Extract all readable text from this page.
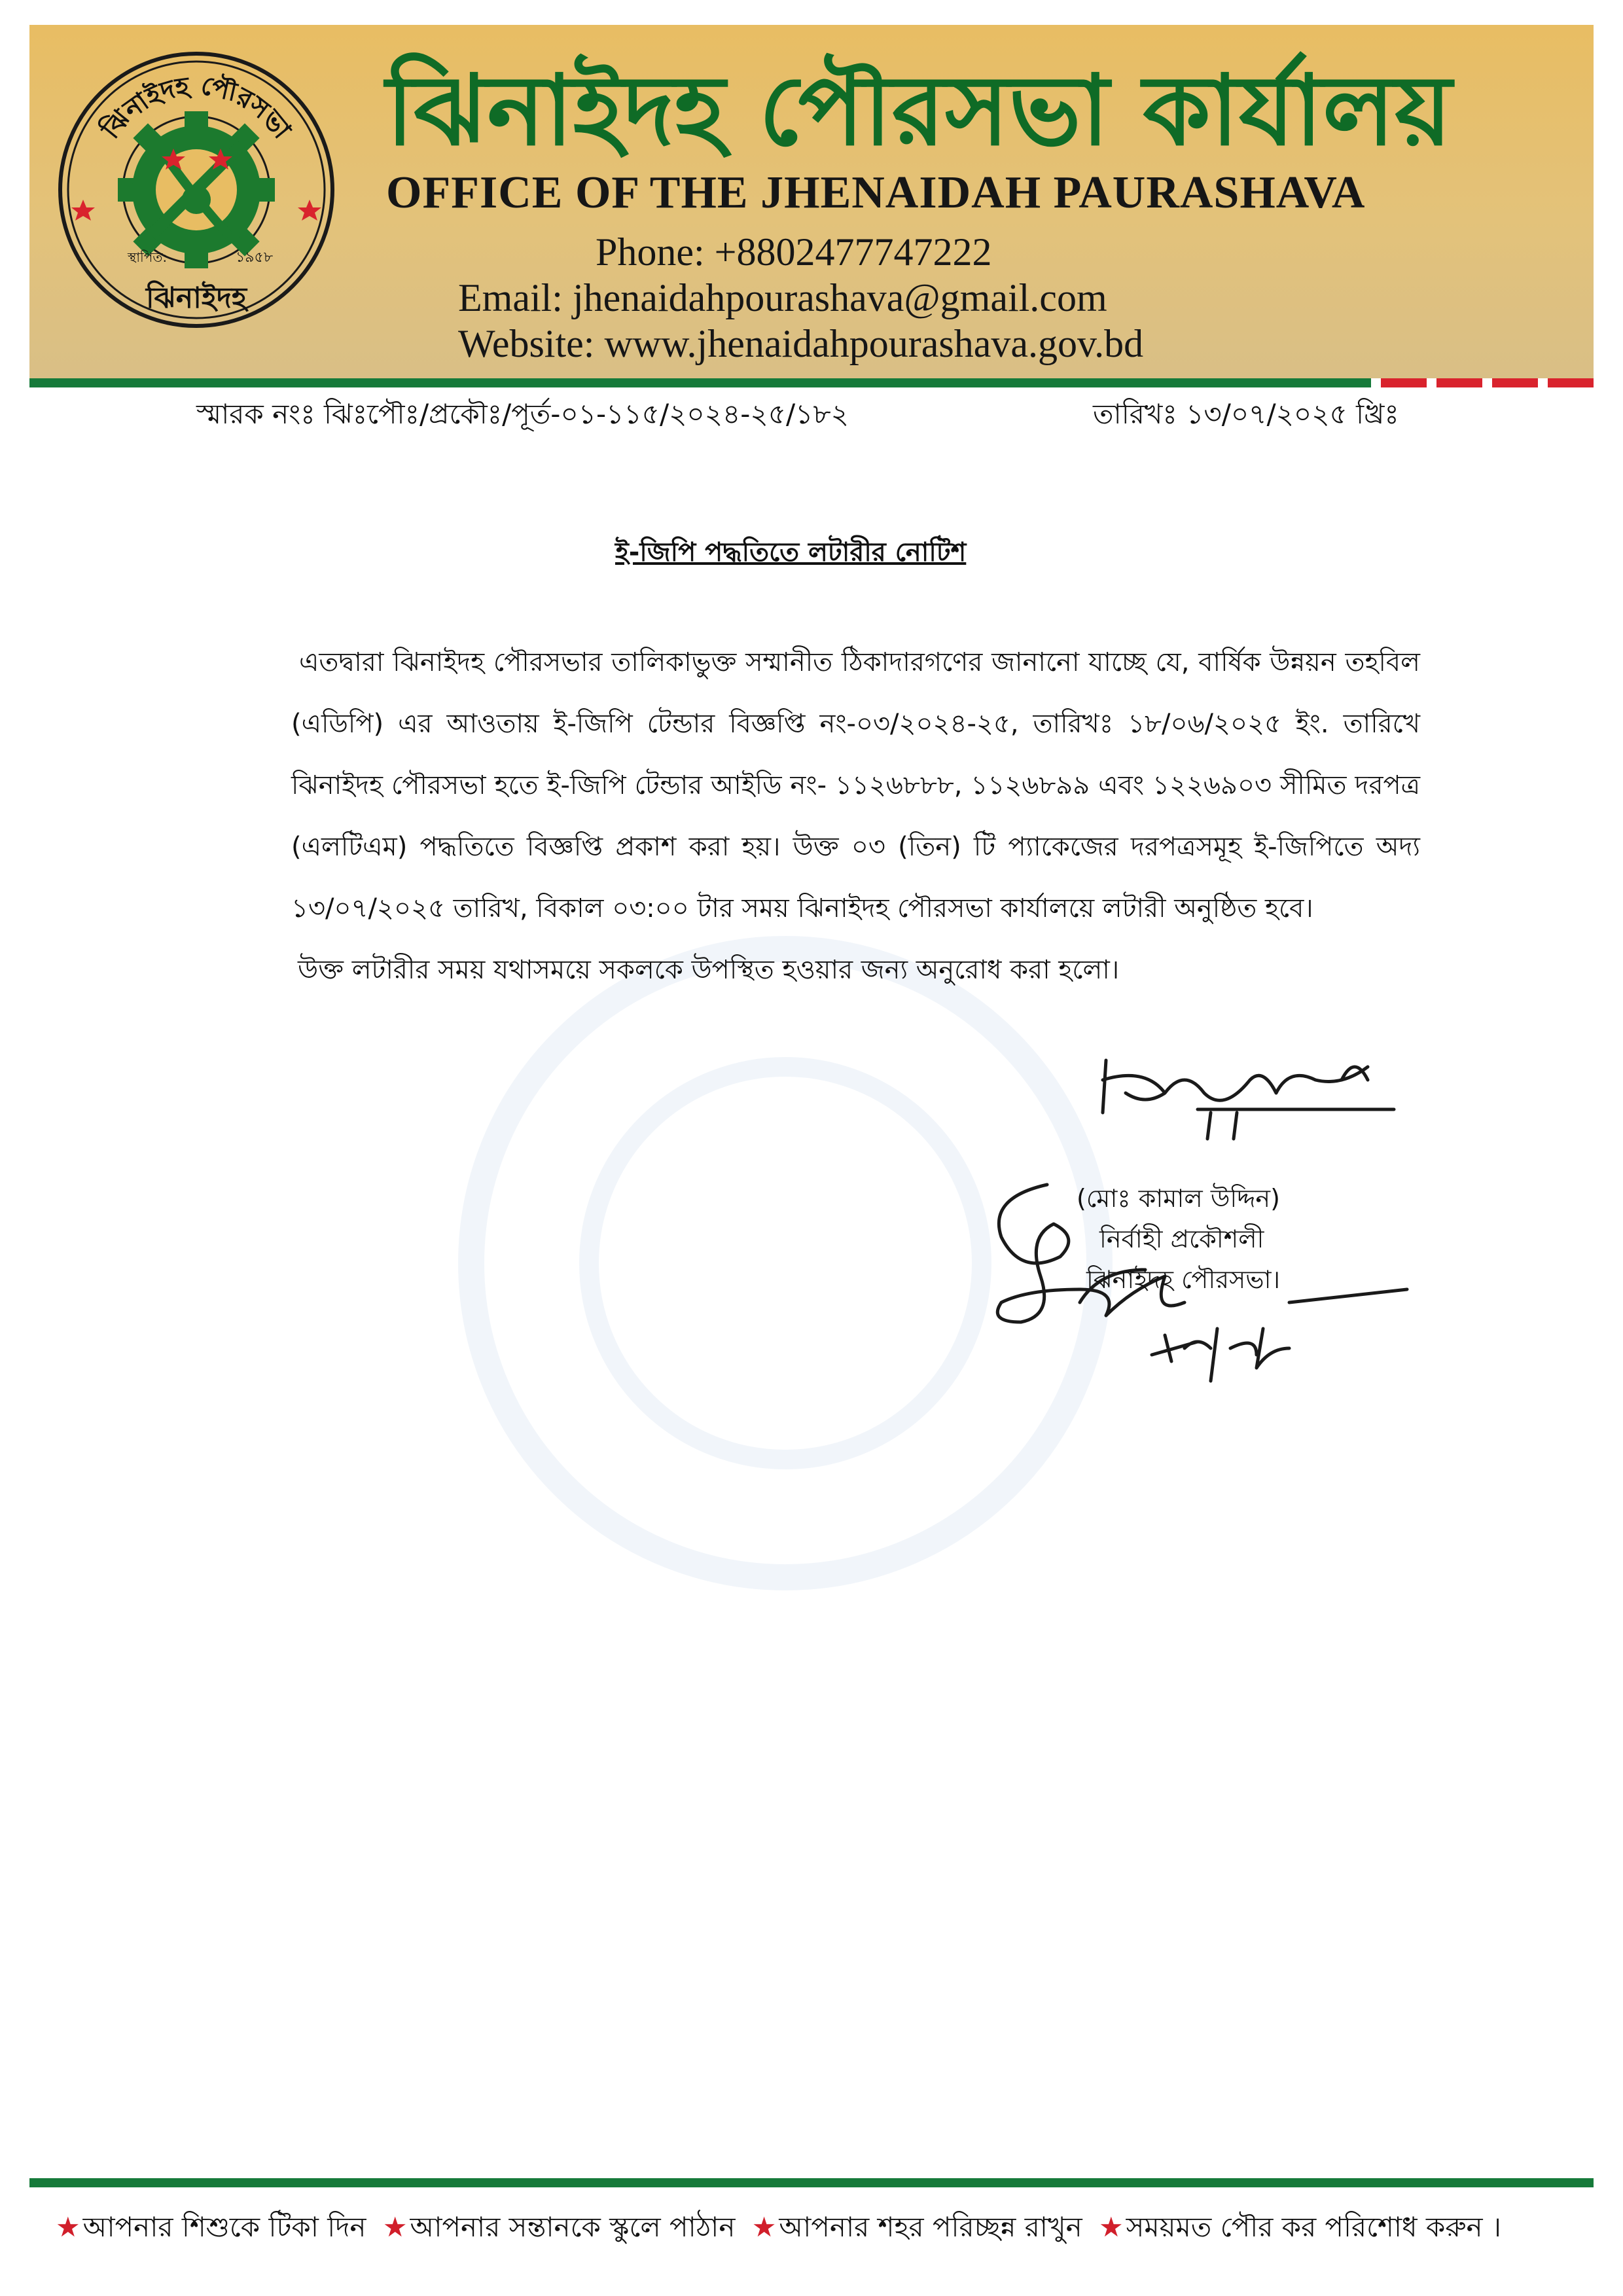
ঝিনাইদহ পৌরসভা
স্থাপিত:	১৯৫৮
ঝিনাইদহ
ঝিনাইদহ পৌরসভা কার্যালয়
OFFICE OF THE JHENAIDAH PAURASHAVA
Phone: +8802477747222
Email: jhenaidahpourashava@gmail.com
Website: www.jhenaidahpourashava.gov.bd
স্মারক নংঃ ঝিঃপৌঃ/প্রকৌঃ/পূর্ত-০১-১১৫/২০২৪-২৫/১৮২	তারিখঃ ১৩/০৭/২০২৫ খ্রিঃ
ই-জিপি পদ্ধতিতে লটারীর নোটিশ

এতদ্বারা ঝিনাইদহ পৌরসভার তালিকাভুক্ত সম্মানীত ঠিকাদারগণের জানানো যাচ্ছে যে, বার্ষিক উন্নয়ন তহবিল (এডিপি) এর আওতায় ই-জিপি টেন্ডার বিজ্ঞপ্তি নং-০৩/২০২৪-২৫, তারিখঃ ১৮/০৬/২০২৫ ইং. তারিখে ঝিনাইদহ পৌরসভা হতে ই-জিপি টেন্ডার আইডি নং- ১১২৬৮৮৮, ১১২৬৮৯৯ এবং ১২২৬৯০৩ সীমিত দরপত্র (এলটিএম) পদ্ধতিতে বিজ্ঞপ্তি প্রকাশ করা হয়। উক্ত ০৩ (তিন) টি প্যাকেজের দরপত্রসমূহ ই-জিপিতে অদ্য ১৩/০৭/২০২৫ তারিখ, বিকাল ০৩:০০ টার সময় ঝিনাইদহ পৌরসভা কার্যালয়ে লটারী অনুষ্ঠিত হবে।

উক্ত লটারীর সময় যথাসময়ে সকলকে উপস্থিত হওয়ার জন্য অনুরোধ করা হলো।

(মোঃ কামাল উদ্দিন)
নির্বাহী প্রকৌশলী
ঝিনাইদহ পৌরসভা।
★আপনার শিশুকে টিকা দিন ★আপনার সন্তানকে স্কুলে পাঠান ★আপনার শহর পরিচ্ছন্ন রাখুন ★সময়মত পৌর কর পরিশোধ করুন ।
